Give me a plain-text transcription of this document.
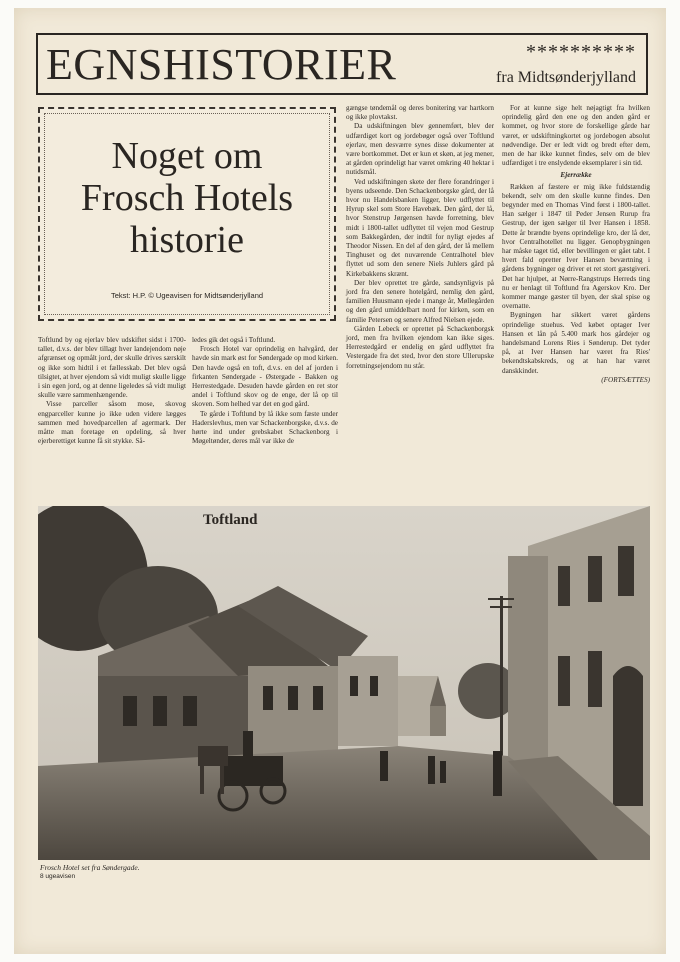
EGNSHISTORIER	**********
fra Midtsønderjylland
Noget om
Frosch Hotels
historie
Tekst: H.P. © Ugeavisen for Midtsønderjylland

Toftlund by og ejerlav blev udskiftet sidst i 1700-tallet, d.v.s. der blev tillagt hver landejendom nøje afgrænset og opmålt jord, der skulle drives særskilt og ikke som hidtil i et fællesskab. Det blev også tilsigtet, at hver ejendom så vidt muligt skulle ligge i sin egen jord, og at denne ligeledes så vidt muligt skulle være sammenhængende.

Visse parceller såsom mose, skovog engparceller kunne jo ikke uden videre lægges sammen med hovedparcellen af agermark. Der måtte man foretage en opdeling, så hver ejerberettiget kunne få sit stykke. Så-

ledes gik det også i Toftlund.

Frosch Hotel var oprindelig en halvgård, der havde sin mark øst for Søndergade op mod kirken. Den havde også en toft, d.v.s. en del af jorden i firkanten Søndergade - Østergade - Bakken og Herrestedgade. Desuden havde gården en ret stor andel i Toftlund skov og de enge, der lå op til skoven. Som helhed var det en god gård.

Te gårde i Toftlund by lå ikke som fæste under Haderslevhus, men var Schackenborgske, d.v.s. de hørte ind under grebskabet Schackenborg i Møgeltønder, deres mål var ikke de

gængse tøndemål og deres bonitering var hartkorn og ikke plovtakst.

Da udskiftningen blev gennemført, blev der udfærdiget kort og jordebøger også over Toftlund ejerlav, men desværre synes disse dokumenter at være bortkommet. Det er kun et skøn, at jeg mener, at gården oprindeligt har været omkring 40 hektar i nutidsmål.

Ved udskiftningen skete der flere forandringer i byens udseende. Den Schackenborgske gård, der lå hvor nu Handelsbanken ligger, blev udflyttet til Hyrup skel som Store Havebæk. Den gård, der lå, hvor Stenstrup Jørgensen havde forretning, blev midt i 1800-tallet udflyttet til vejen mod Gestrup som Bakkegården, der indtil for nyligt ejedes af Theodor Nissen. En del af den gård, der lå mellem Tinghuset og det nuværende Centralhotel blev flyttet ud som den senere Niels Juhlers gård på Kirkebakkens skrænt.

Der blev oprettet tre gårde, sandsynligvis på jord fra den senere hotelgård, nemlig den gård, familien Huusmann ejede i mange år, Møllegården og den gård umiddelbart nord for kirken, som en familie Petersen og senere Alfred Nielsen ejede.

Gården Lebeck er oprettet på Schackenborgsk jord, men fra hvilken ejendom kan ikke siges. Herrestedgård er endelig en gård udflyttet fra Vestergade fra det sted, hvor den store Ullerupske forretningsejendom nu står.

For at kunne sige helt nøjagtigt fra hvilken oprindelig gård den ene og den anden gård er kommet, og hvor store de forskellige gårde har været, er udskiftningkortet og jordebogen absolut nødvendige. Der er ledt vidt og bredt efter dem, men de har ikke kunnet findes, selv om de blev udfærdiget i tre enslydende eksemplarer i sin tid.

Ejerrække

Rækken af fæstere er mig ikke fuldstændig bekendt, selv om den skulle kunne findes. Den begynder med en Thomas Vind først i 1800-tallet. Han sælger i 1847 til Peder Jensen Rurup fra Gestrup, der igen sælger til Iver Hansen i 1858. Dette år brændte byens oprindelige kro, der lå der, hvor Centralhotellet nu ligger. Genopbygningen har måske taget tid, eller bevillingen er gået tabt. I hvert fald opretter Iver Hansen beværtning i gårdens bygninger og driver et ret stort gæstgiveri. Det har hjulpet, at Nørre-Rangstrups Herreds ting nu er henlagt til Toftlund fra Agerskov Kro. Der kommer mange gæster til byen, der skal spise og overnatte.

Bygningen har sikkert været gårdens oprindelige stuehus. Ved købet optager Iver Hansen et lån på 5.400 mark hos gårdejer og handelsmand Lorens Ries i Sønderup. Det tyder på, at Iver Hansen har været fra Ries' bekendtskabskreds, og at han har været danskkindet.

(FORTSÆTTES)

Toftland
Frosch Hotel set fra Søndergade.
8 ugeavisen
